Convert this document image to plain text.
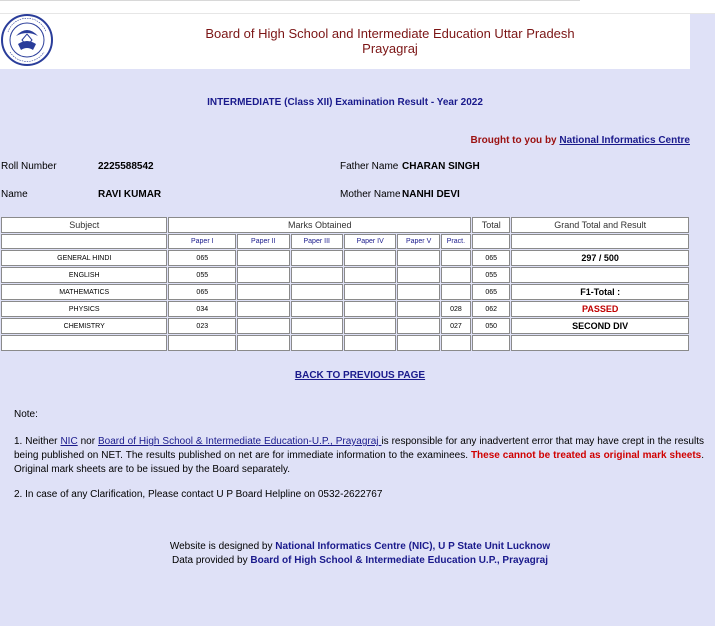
Board of High School and Intermediate Education Uttar Pradesh
Prayagraj
INTERMEDIATE (Class XII) Examination Result - Year 2022
Brought to you by National Informatics Centre
Roll Number	2225588542	Father Name CHARAN SINGH
Name	RAVI KUMAR	Mother Name NANHI DEVI
Subject	Marks Obtained						Total	Grand Total and Result
	Paper I	Paper II	Paper III	Paper IV	Paper V	Pract.		
GENERAL HINDI	065						065	297 / 500
ENGLISH	055						055	
MATHEMATICS	065						065	F1-Total :
PHYSICS	034					028	062	PASSED
CHEMISTRY	023					027	050	SECOND DIV

BACK TO PREVIOUS PAGE
Note:
1. Neither NIC nor Board of High School & Intermediate Education-U.P., Prayagraj is responsible for any inadvertent error that may have crept in the results being published on NET. The results published on net are for immediate information to the examinees. These cannot be treated as original mark sheets. Original mark sheets are to be issued by the Board separately.
2. In case of any Clarification, Please contact U P Board Helpline on 0532-2622767
Website is designed by National Informatics Centre (NIC), U P State Unit Lucknow
Data provided by Board of High School & Intermediate Education U.P., Prayagraj
